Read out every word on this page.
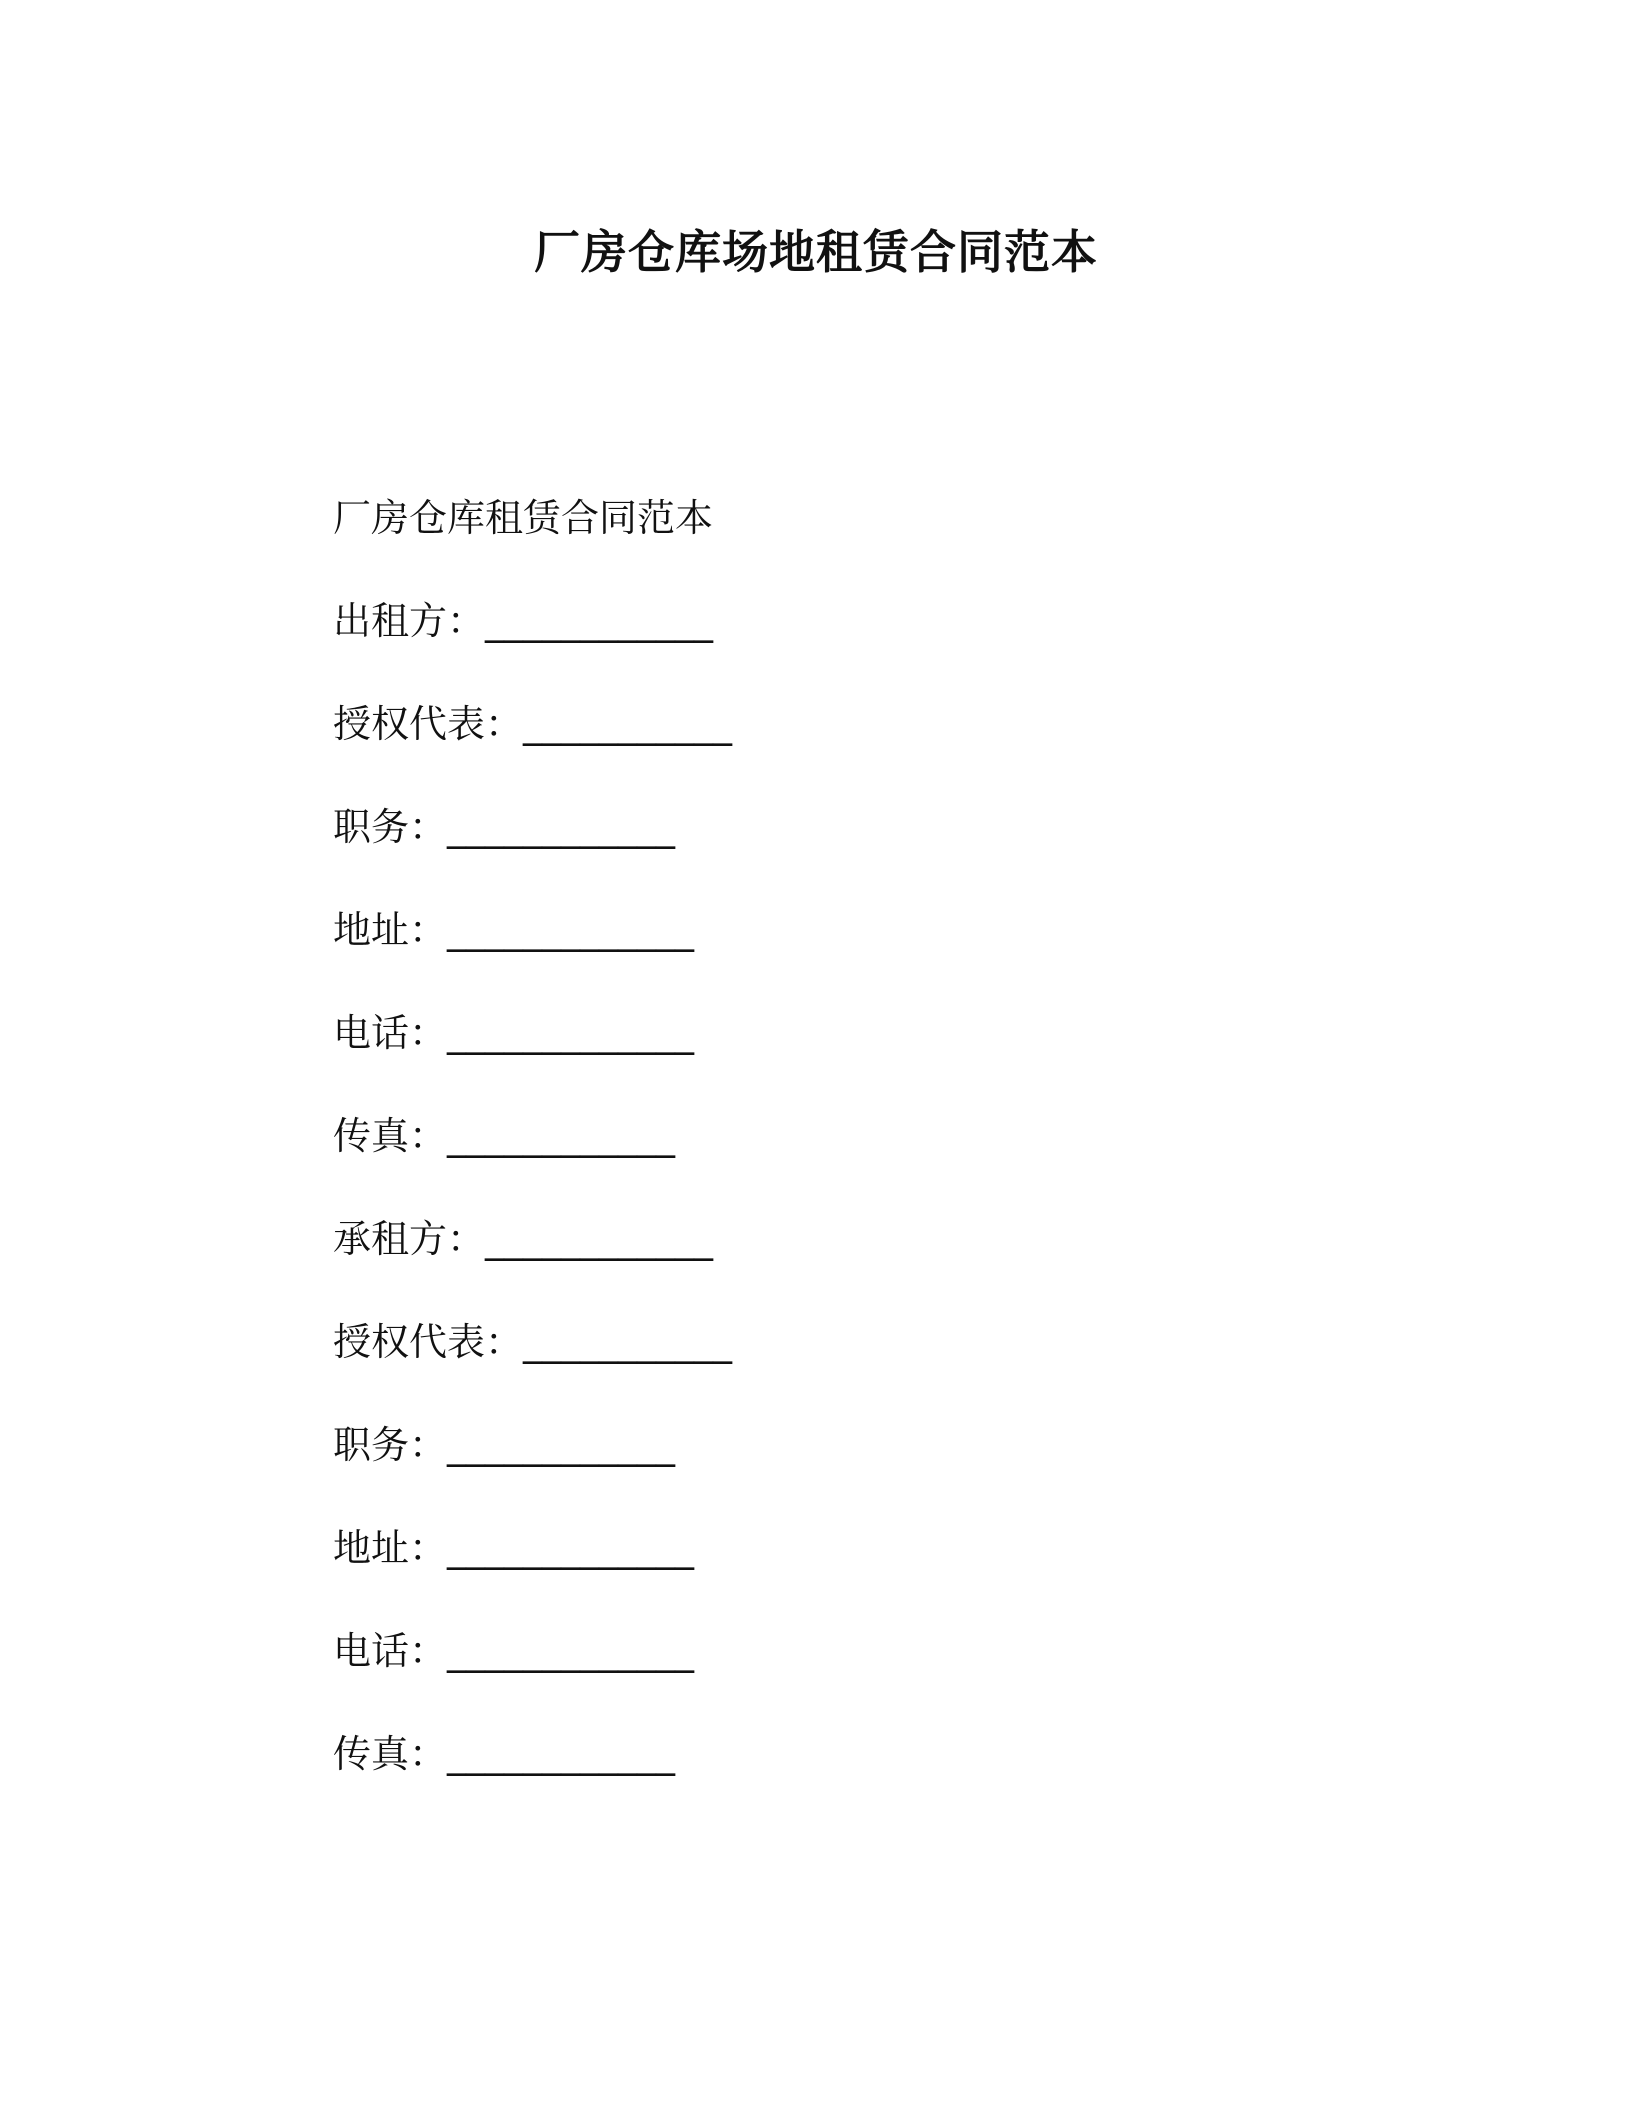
厂房仓库场地租赁合同范本
厂房仓库租赁合同范本
出租方：____________
授权代表：___________
职务：____________
地址：_____________
电话：_____________
传真：____________
承租方：____________
授权代表：___________
职务：____________
地址：_____________
电话：_____________
传真：____________
